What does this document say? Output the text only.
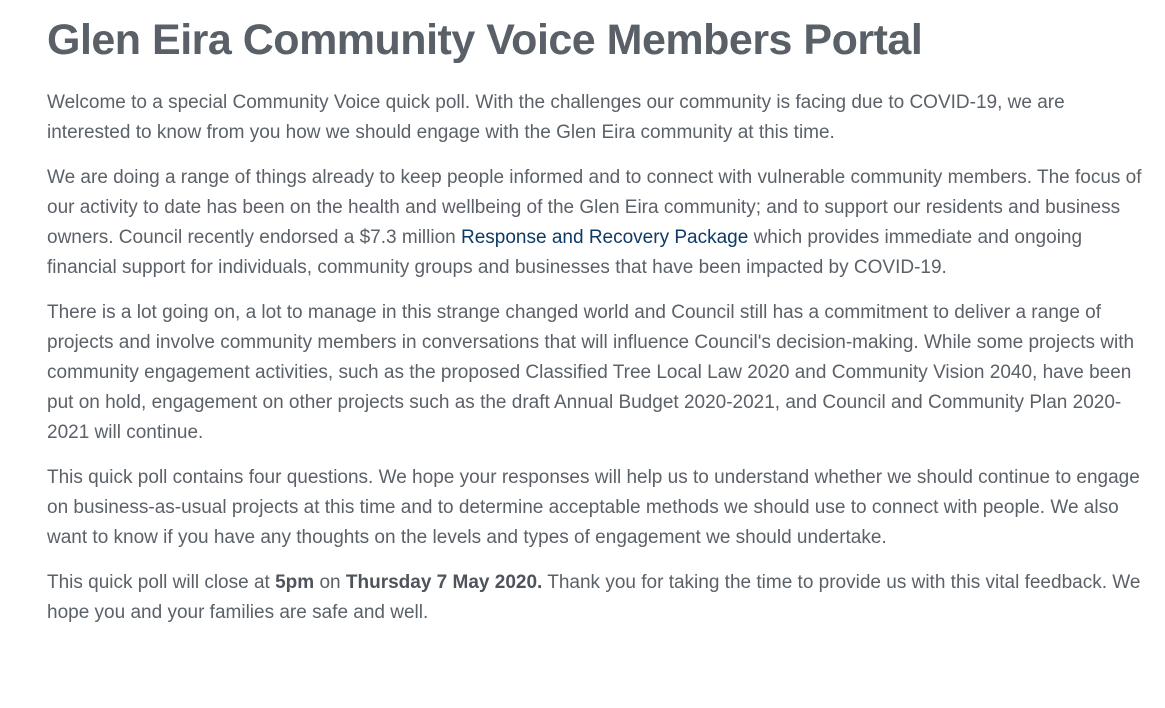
Glen Eira Community Voice Members Portal

Welcome to a special Community Voice quick poll. With the challenges our community is facing due to COVID-19, we are interested to know from you how we should engage with the Glen Eira community at this time.

We are doing a range of things already to keep people informed and to connect with vulnerable community members. The focus of our activity to date has been on the health and wellbeing of the Glen Eira community; and to support our residents and business owners. Council recently endorsed a $7.3 million Response and Recovery Package which provides immediate and ongoing financial support for individuals, community groups and businesses that have been impacted by COVID-19.

There is a lot going on, a lot to manage in this strange changed world and Council still has a commitment to deliver a range of projects and involve community members in conversations that will influence Council's decision-making. While some projects with community engagement activities, such as the proposed Classified Tree Local Law 2020 and Community Vision 2040, have been put on hold, engagement on other projects such as the draft Annual Budget 2020-2021, and Council and Community Plan 2020-2021 will continue.

This quick poll contains four questions. We hope your responses will help us to understand whether we should continue to engage on business-as-usual projects at this time and to determine acceptable methods we should use to connect with people. We also want to know if you have any thoughts on the levels and types of engagement we should undertake.

This quick poll will close at 5pm on Thursday 7 May 2020. Thank you for taking the time to provide us with this vital feedback. We hope you and your families are safe and well.
